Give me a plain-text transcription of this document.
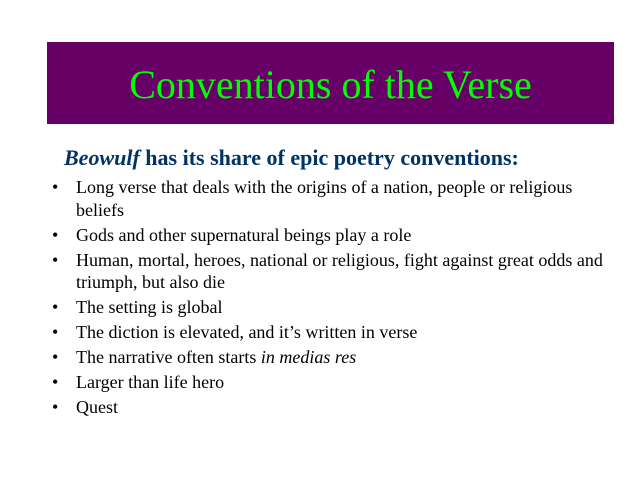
Conventions of the Verse
Beowulf has its share of epic poetry conventions:
• Long verse that deals with the origins of a nation, people or religious beliefs
• Gods and other supernatural beings play a role
• Human, mortal, heroes, national or religious, fight against great odds and triumph, but also die
• The setting is global
• The diction is elevated, and it’s written in verse
• The narrative often starts in medias res
• Larger than life hero
• Quest
